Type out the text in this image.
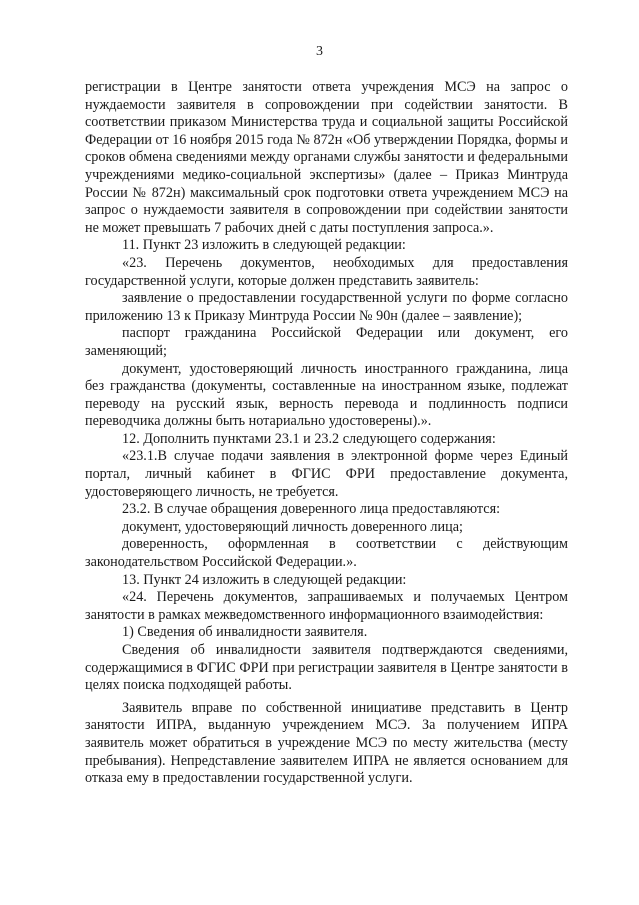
3

регистрации в Центре занятости ответа учреждения МСЭ на запрос о нуждаемости заявителя в сопровождении при содействии занятости. В соответствии приказом Министерства труда и социальной защиты Российской Федерации от 16 ноября 2015 года № 872н «Об утверждении Порядка, формы и сроков обмена сведениями между органами службы занятости и федеральными учреждениями медико-социальной экспертизы» (далее – Приказ Минтруда России № 872н) максимальный срок подготовки ответа учреждением МСЭ на запрос о нуждаемости заявителя в сопровождении при содействии занятости не может превышать 7 рабочих дней с даты поступления запроса.».

11. Пункт 23 изложить в следующей редакции:

«23. Перечень документов, необходимых для предоставления государственной услуги, которые должен представить заявитель:

заявление о предоставлении государственной услуги по форме согласно приложению 13 к Приказу Минтруда России № 90н (далее – заявление);

паспорт гражданина Российской Федерации или документ, его заменяющий;

документ, удостоверяющий личность иностранного гражданина, лица без гражданства (документы, составленные на иностранном языке, подлежат переводу на русский язык, верность перевода и подлинность подписи переводчика должны быть нотариально удостоверены).».

12. Дополнить пунктами 23.1 и 23.2 следующего содержания:

«23.1.В случае подачи заявления в электронной форме через Единый портал, личный кабинет в ФГИС ФРИ предоставление документа, удостоверяющего личность, не требуется.

23.2. В случае обращения доверенного лица предоставляются:

документ, удостоверяющий личность доверенного лица;

доверенность, оформленная в соответствии с действующим законодательством Российской Федерации.».

13. Пункт 24 изложить в следующей редакции:

«24. Перечень документов, запрашиваемых и получаемых Центром занятости в рамках межведомственного информационного взаимодействия:

1) Сведения об инвалидности заявителя.

Сведения об инвалидности заявителя подтверждаются сведениями, содержащимися в ФГИС ФРИ при регистрации заявителя в Центре занятости в целях поиска подходящей работы.

Заявитель вправе по собственной инициативе представить в Центр занятости ИПРА, выданную учреждением МСЭ. За получением ИПРА заявитель может обратиться в учреждение МСЭ по месту жительства (месту пребывания). Непредставление заявителем ИПРА не является основанием для отказа ему в предоставлении государственной услуги.
